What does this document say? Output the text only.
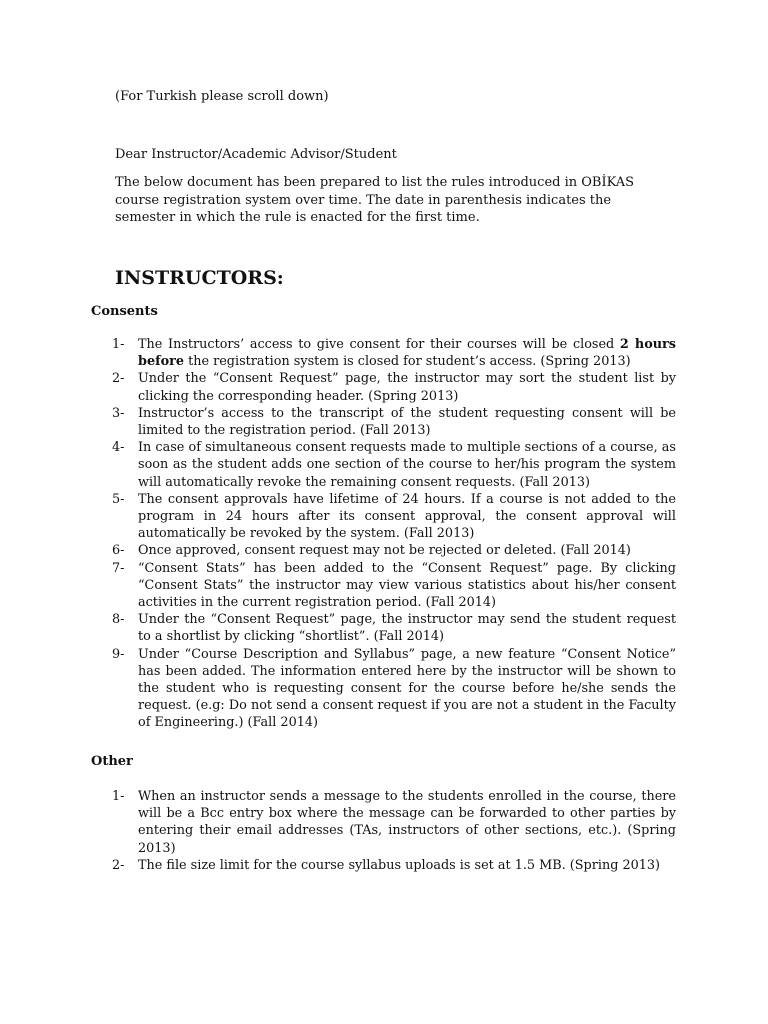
(For Turkish please scroll down)
Dear Instructor/Academic Advisor/Student
The below document has been prepared to list the rules introduced in OBİKAS course registration system over time. The date in parenthesis indicates the semester in which the rule is enacted for the first time.
INSTRUCTORS:
Consents
1- The Instructors’ access to give consent for their courses will be closed 2 hours before the registration system is closed for student’s access. (Spring 2013)
2- Under the “Consent Request” page, the instructor may sort the student list by clicking the corresponding header. (Spring 2013)
3- Instructor’s access to the transcript of the student requesting consent will be limited to the registration period. (Fall 2013)
4- In case of simultaneous consent requests made to multiple sections of a course, as soon as the student adds one section of the course to her/his program the system will automatically revoke the remaining consent requests. (Fall 2013)
5- The consent approvals have lifetime of 24 hours. If a course is not added to the program in 24 hours after its consent approval, the consent approval will automatically be revoked by the system. (Fall 2013)
6- Once approved, consent request may not be rejected or deleted. (Fall 2014)
7- “Consent Stats” has been added to the “Consent Request” page. By clicking “Consent Stats” the instructor may view various statistics about his/her consent activities in the current registration period. (Fall 2014)
8- Under the “Consent Request” page, the instructor may send the student request to a shortlist by clicking “shortlist”. (Fall 2014)
9- Under “Course Description and Syllabus” page, a new feature “Consent Notice” has been added. The information entered here by the instructor will be shown to the student who is requesting consent for the course before he/she sends the request. (e.g: Do not send a consent request if you are not a student in the Faculty of Engineering.) (Fall 2014)
Other
1- When an instructor sends a message to the students enrolled in the course, there will be a Bcc entry box where the message can be forwarded to other parties by entering their email addresses (TAs, instructors of other sections, etc.). (Spring 2013)
2- The file size limit for the course syllabus uploads is set at 1.5 MB. (Spring 2013)
